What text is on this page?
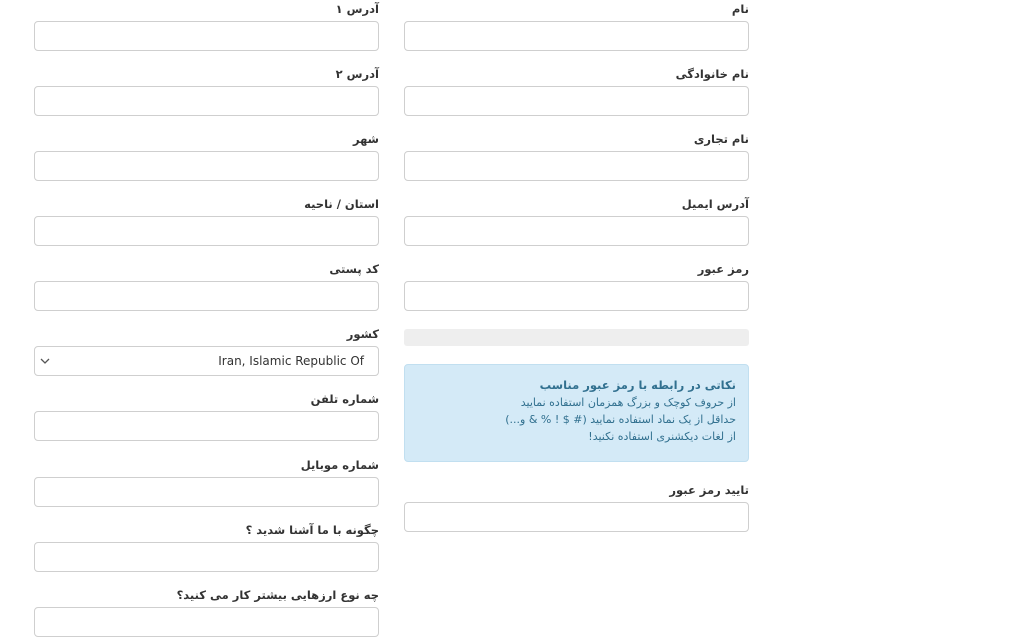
نام
نام خانوادگی
نام تجاری
آدرس ایمیل
رمز عبور
نکاتی در رابطه با رمز عبور مناسب
از حروف کوچک و بزرگ همزمان استفاده نمایید
حداقل از یک نماد استفاده نمایید (# $ ! % & و...)
از لغات دیکشنری استفاده نکنید!
تایید رمز عبور
آدرس ۱
آدرس ۲
شهر
استان / ناحیه
کد پستی
کشور
Iran, Islamic Republic Of
شماره تلفن
شماره موبایل
چگونه با ما آشنا شدید ؟
چه نوع ارزهایی بیشتر کار می کنید؟
